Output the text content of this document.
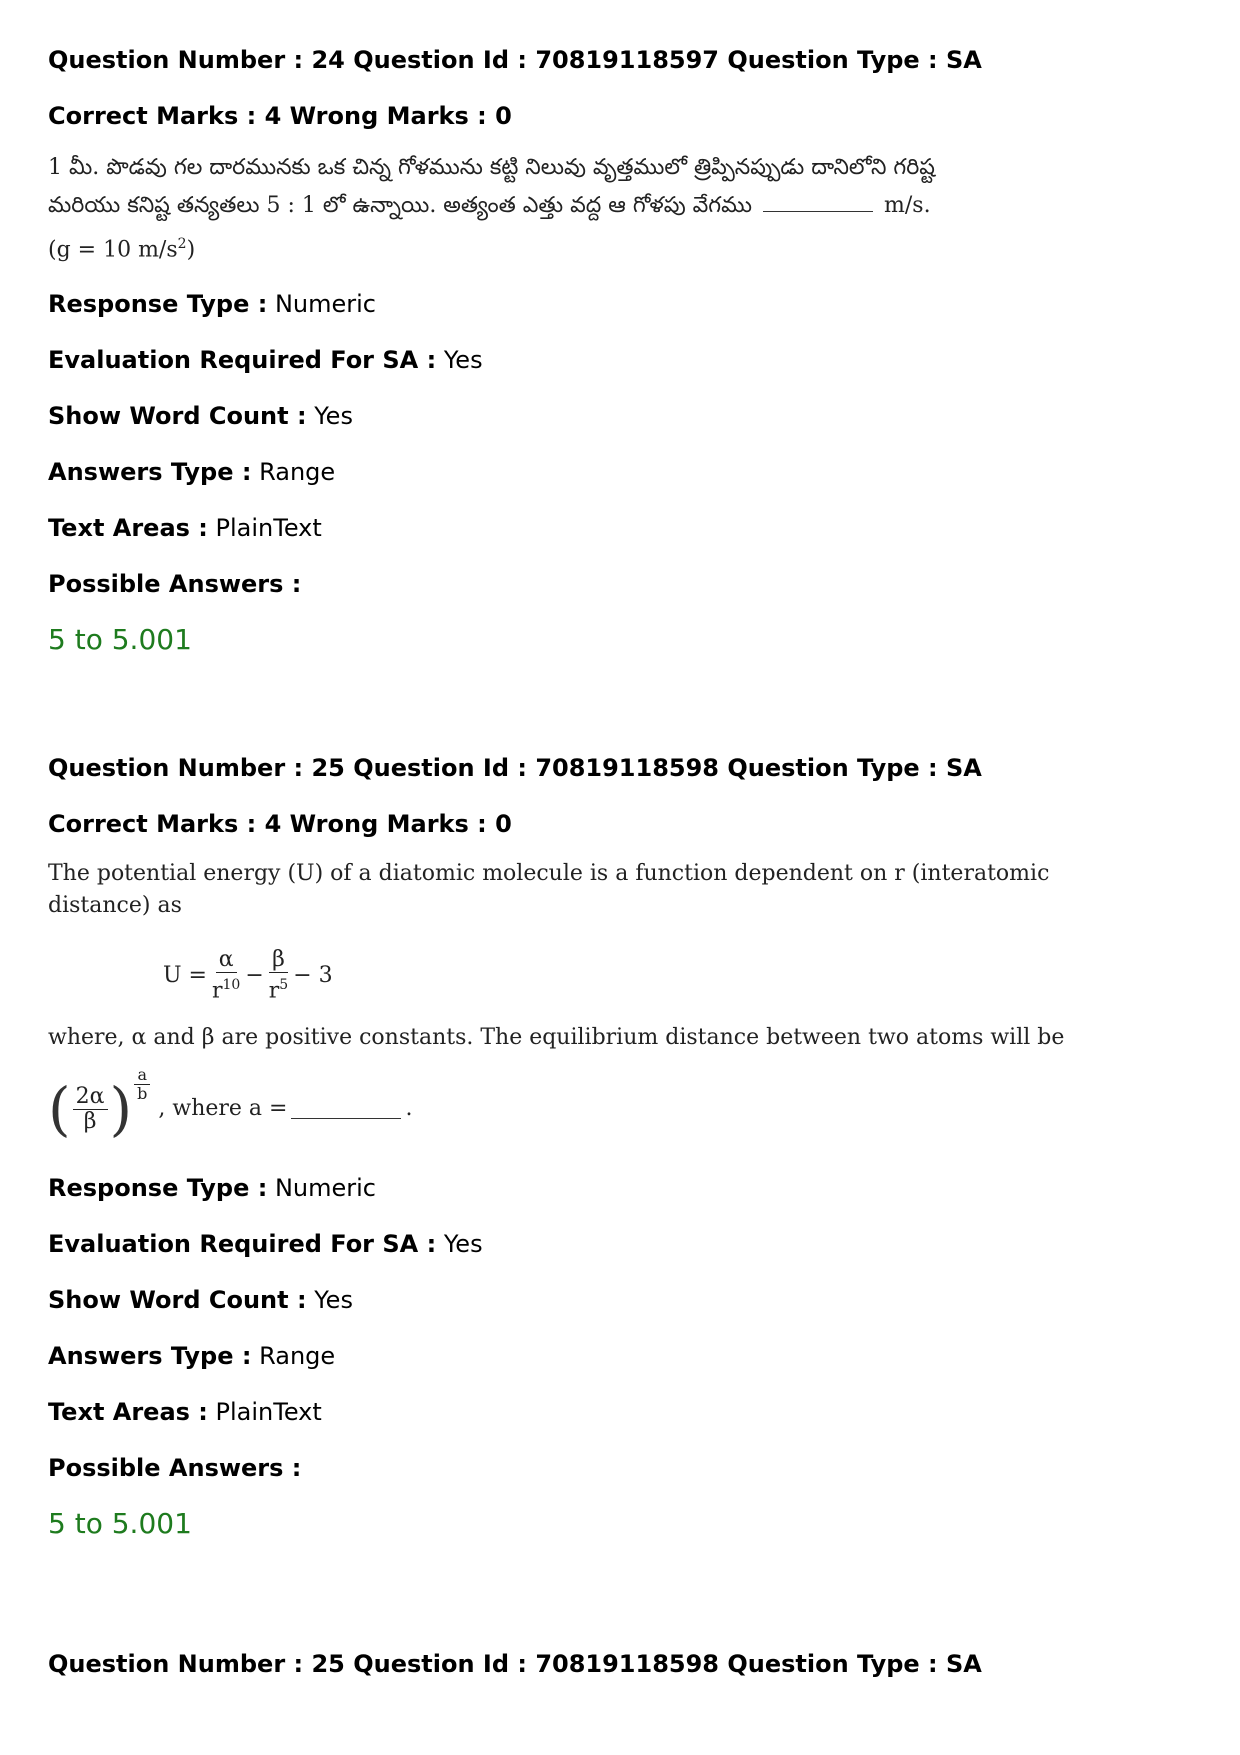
Question Number : 24 Question Id : 70819118597 Question Type : SA
Correct Marks : 4 Wrong Marks : 0
1 మీ. పొడవు గల దారమునకు ఒక చిన్న గోళమును కట్టి నిలువు వృత్తములో త్రిప్పినప్పుడు దానిలోని గరిష్ట
మరియు కనిష్ట తన్యతలు 5 : 1 లో ఉన్నాయి. అత్యంత ఎత్తు వద్ద ఆ గోళపు వేగము	m/s.
(g = 10 $m/s^2$)
Response Type : Numeric
Evaluation Required For SA : Yes
Show Word Count : Yes
Answers Type : Range
Text Areas : PlainText
Possible Answers :
5 to 5.001
Question Number : 25 Question Id : 70819118598 Question Type : SA
Correct Marks : 4 Wrong Marks : 0
The potential energy (U) of a diatomic molecule is a function dependent on r (interatomic
distance) as
$U = \frac{\alpha}{r^{10}} - \frac{\beta}{r^5} - 3$
where, α and β are positive constants. The equilibrium distance between two atoms will be
( $\frac{2\alpha}{\beta}$ ) $\frac{a}{b}$
, where a =	.
Response Type : Numeric
Evaluation Required For SA : Yes
Show Word Count : Yes
Answers Type : Range
Text Areas : PlainText
Possible Answers :
5 to 5.001
Question Number : 25 Question Id : 70819118598 Question Type : SA
